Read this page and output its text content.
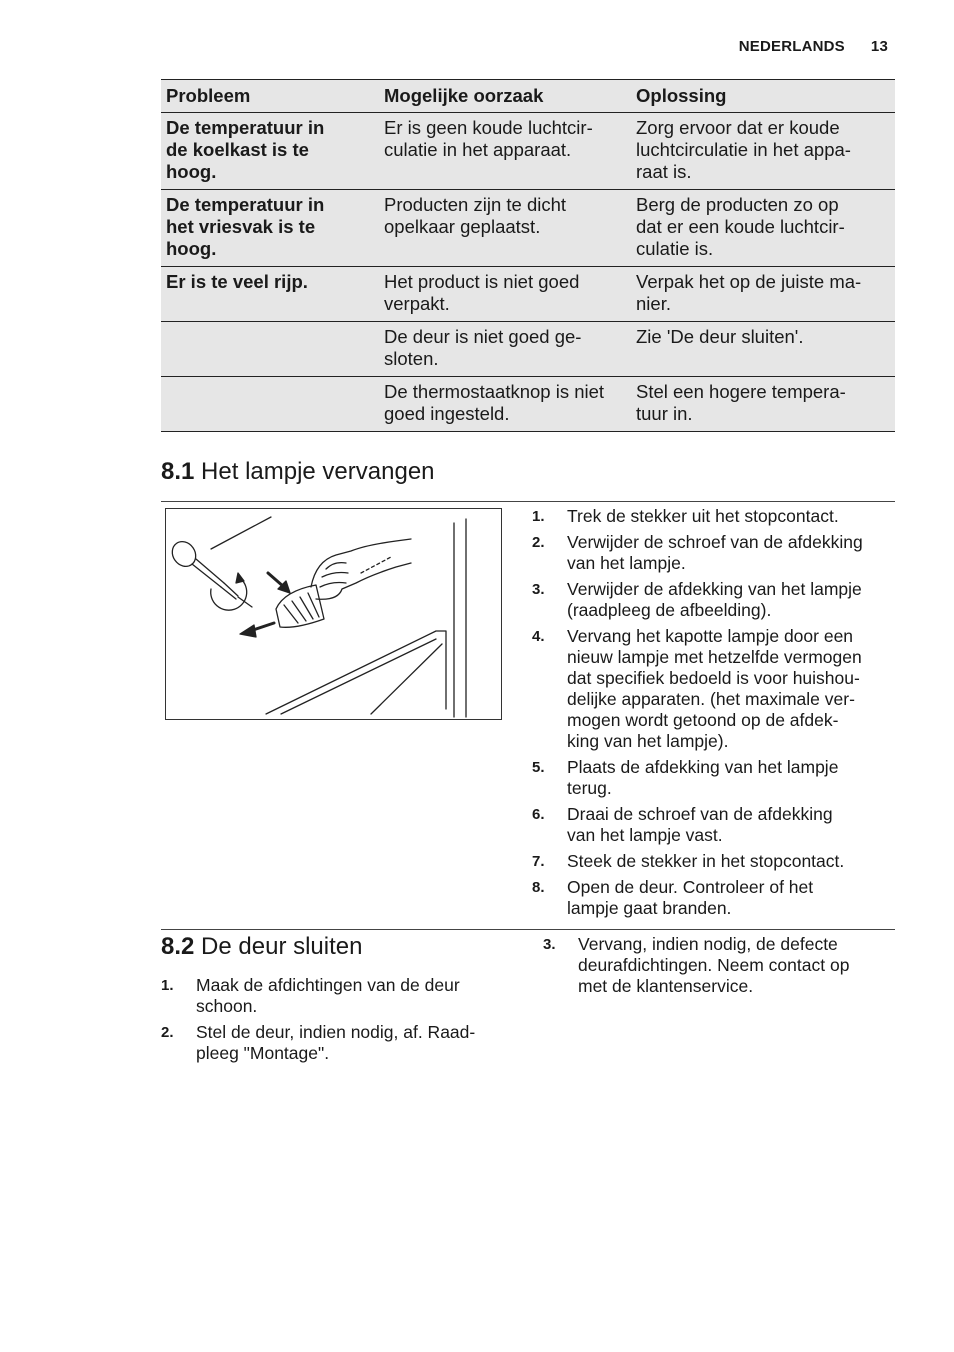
NEDERLANDS 13
Probleem	Mogelijke oorzaak	Oplossing
De temperatuur in
de koelkast is te
hoog.	Er is geen koude luchtcir-
culatie in het apparaat.	Zorg ervoor dat er koude
luchtcirculatie in het appa-
raat is.
De temperatuur in
het vriesvak is te
hoog.	Producten zijn te dicht
opelkaar geplaatst.	Berg de producten zo op
dat er een koude luchtcir-
culatie is.
Er is te veel rijp.	Het product is niet goed
verpakt.	Verpak het op de juiste ma-
nier.
	De deur is niet goed ge-
sloten.	Zie 'De deur sluiten'.
	De thermostaatknop is niet
goed ingesteld.	Stel een hogere tempera-
tuur in.
8.1 Het lampje vervangen
1. Trek de stekker uit het stopcontact.
2. Verwijder de schroef van de afdekking
van het lampje.
3. Verwijder de afdekking van het lampje
(raadpleeg de afbeelding).
4. Vervang het kapotte lampje door een
nieuw lampje met hetzelfde vermogen
dat specifiek bedoeld is voor huishou-
delijke apparaten. (het maximale ver-
mogen wordt getoond op de afdek-
king van het lampje).
5. Plaats de afdekking van het lampje
terug.
6. Draai de schroef van de afdekking
van het lampje vast.
7. Steek de stekker in het stopcontact.
8. Open de deur. Controleer of het
lampje gaat branden.
8.2 De deur sluiten
1. Maak de afdichtingen van de deur
schoon.
2. Stel de deur, indien nodig, af. Raad-
pleeg "Montage".
3. Vervang, indien nodig, de defecte
deurafdichtingen. Neem contact op
met de klantenservice.
